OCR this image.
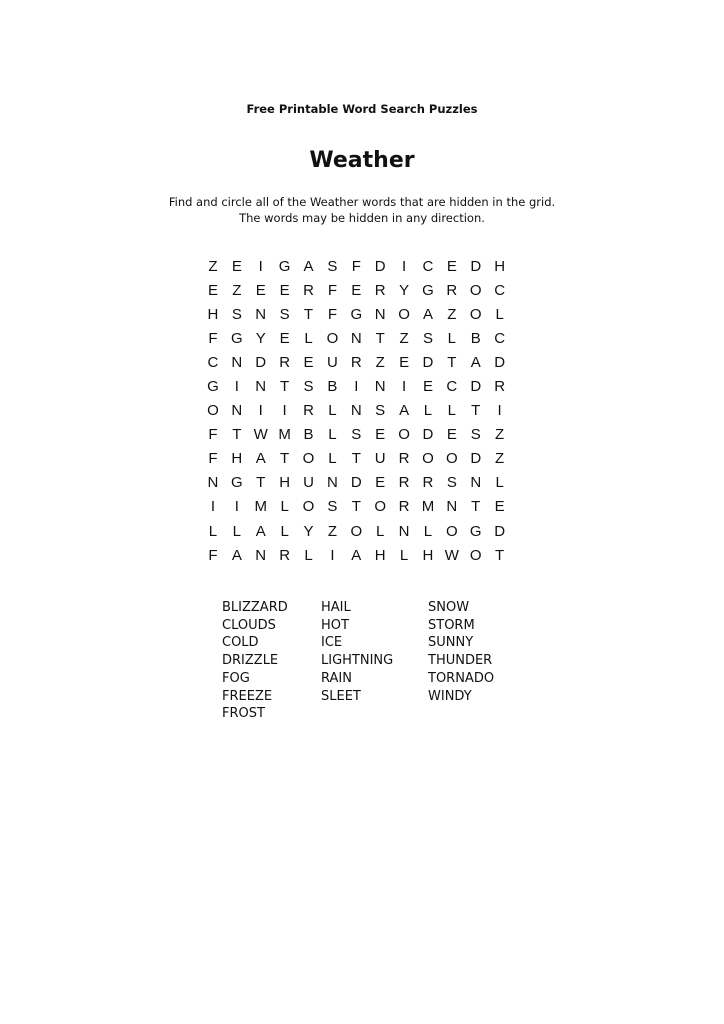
Free Printable Word Search Puzzles
Weather
Find and circle all of the Weather words that are hidden in the grid.
The words may be hidden in any direction.
Z E	I	G A S F D	I	C E D H
E Z E E R F E R Y G R O C
H S N S T F G N O A Z O L
F G Y E L O N T Z S L B C
C N D R E U R Z E D T A D
G	I	N T S B	I	N	I	E C D R
O N	I	I	R L N S A L	L	T	I
F T W M B L S E O D E S Z
F H A T O L	T U R O O D Z
N G T H U N D E R R S N L
I	I	M L O S T O R M N T E
L	L A L Y Z O L N L O G D
F A N R L	I	A H L H W O T
BLIZZARD
CLOUDS
COLD
DRIZZLE
FOG
FREEZE
FROST
HAIL
HOT
ICE
LIGHTNING
RAIN
SLEET
SNOW
STORM
SUNNY
THUNDER
TORNADO
WINDY
